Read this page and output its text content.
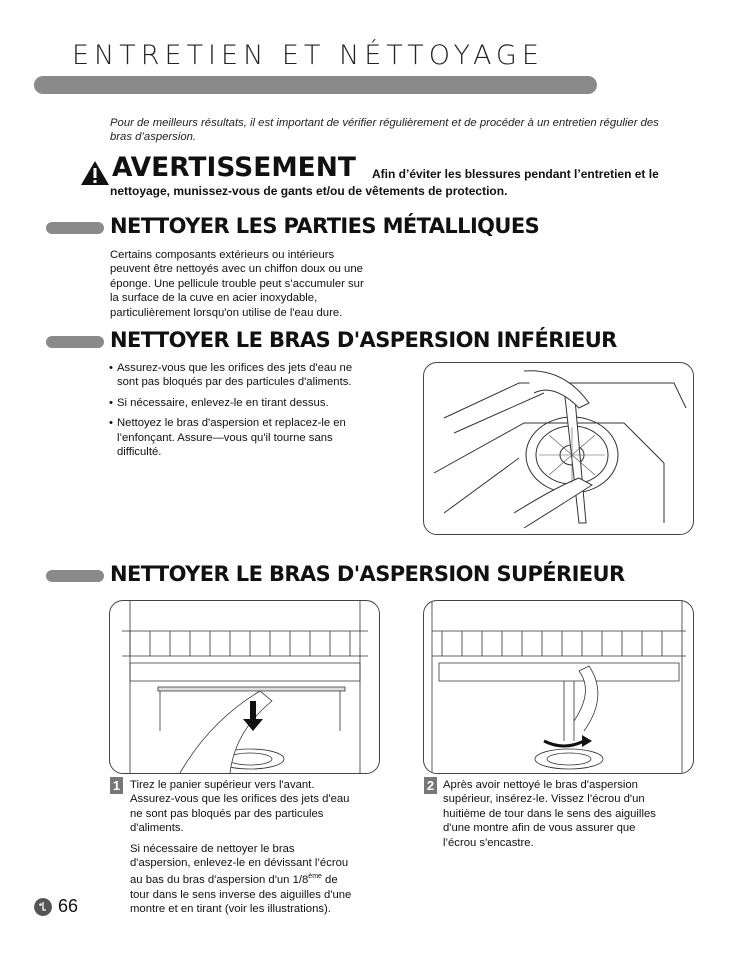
ENTRETIEN ET NÉTTOYAGE
Pour de meilleurs résultats, il est important de vérifier régulièrement et de procéder à un entretien régulier des bras d’aspersion.
AVERTISSEMENT Afin d’éviter les blessures pendant l’entretien et le
nettoyage, munissez-vous de gants et/ou de vêtements de protection.
NETTOYER LES PARTIES MÉTALLIQUES
Certains composants extérieurs ou intérieurs
peuvent être nettoyés avec un chiffon doux ou une
éponge. Une pellicule trouble peut s’accumuler sur
la surface de la cuve en acier inoxydable,
particulièrement lorsqu'on utilise de l'eau dure.
NETTOYER LE BRAS D'ASPERSION INFÉRIEUR
• Assurez-vous que les orifices des jets d'eau ne
sont pas bloqués par des particules d'aliments.
• Si nécessaire, enlevez-le en tirant dessus.
• Nettoyez le bras d'aspersion et replacez-le en
l’enfonçant. Assure—vous qu'il tourne sans
difficulté.
NETTOYER LE BRAS D'ASPERSION SUPÉRIEUR
1 Tirez le panier supérieur vers l'avant.
Assurez-vous que les orifices des jets d'eau
ne sont pas bloqués par des particules
d'aliments.
Si nécessaire de nettoyer le bras
d'aspersion, enlevez-le en dévissant l’écrou
au bas du bras d'aspersion d'un 1/8ème de
tour dans le sens inverse des aiguilles d'une
montre et en tirant (voir les illustrations).
2 Après avoir nettoyé le bras d'aspersion
supérieur, insérez-le. Vissez l’écrou d'un
huitième de tour dans le sens des aiguilles
d'une montre afin de vous assurer que
l’écrou s'encastre.
66
